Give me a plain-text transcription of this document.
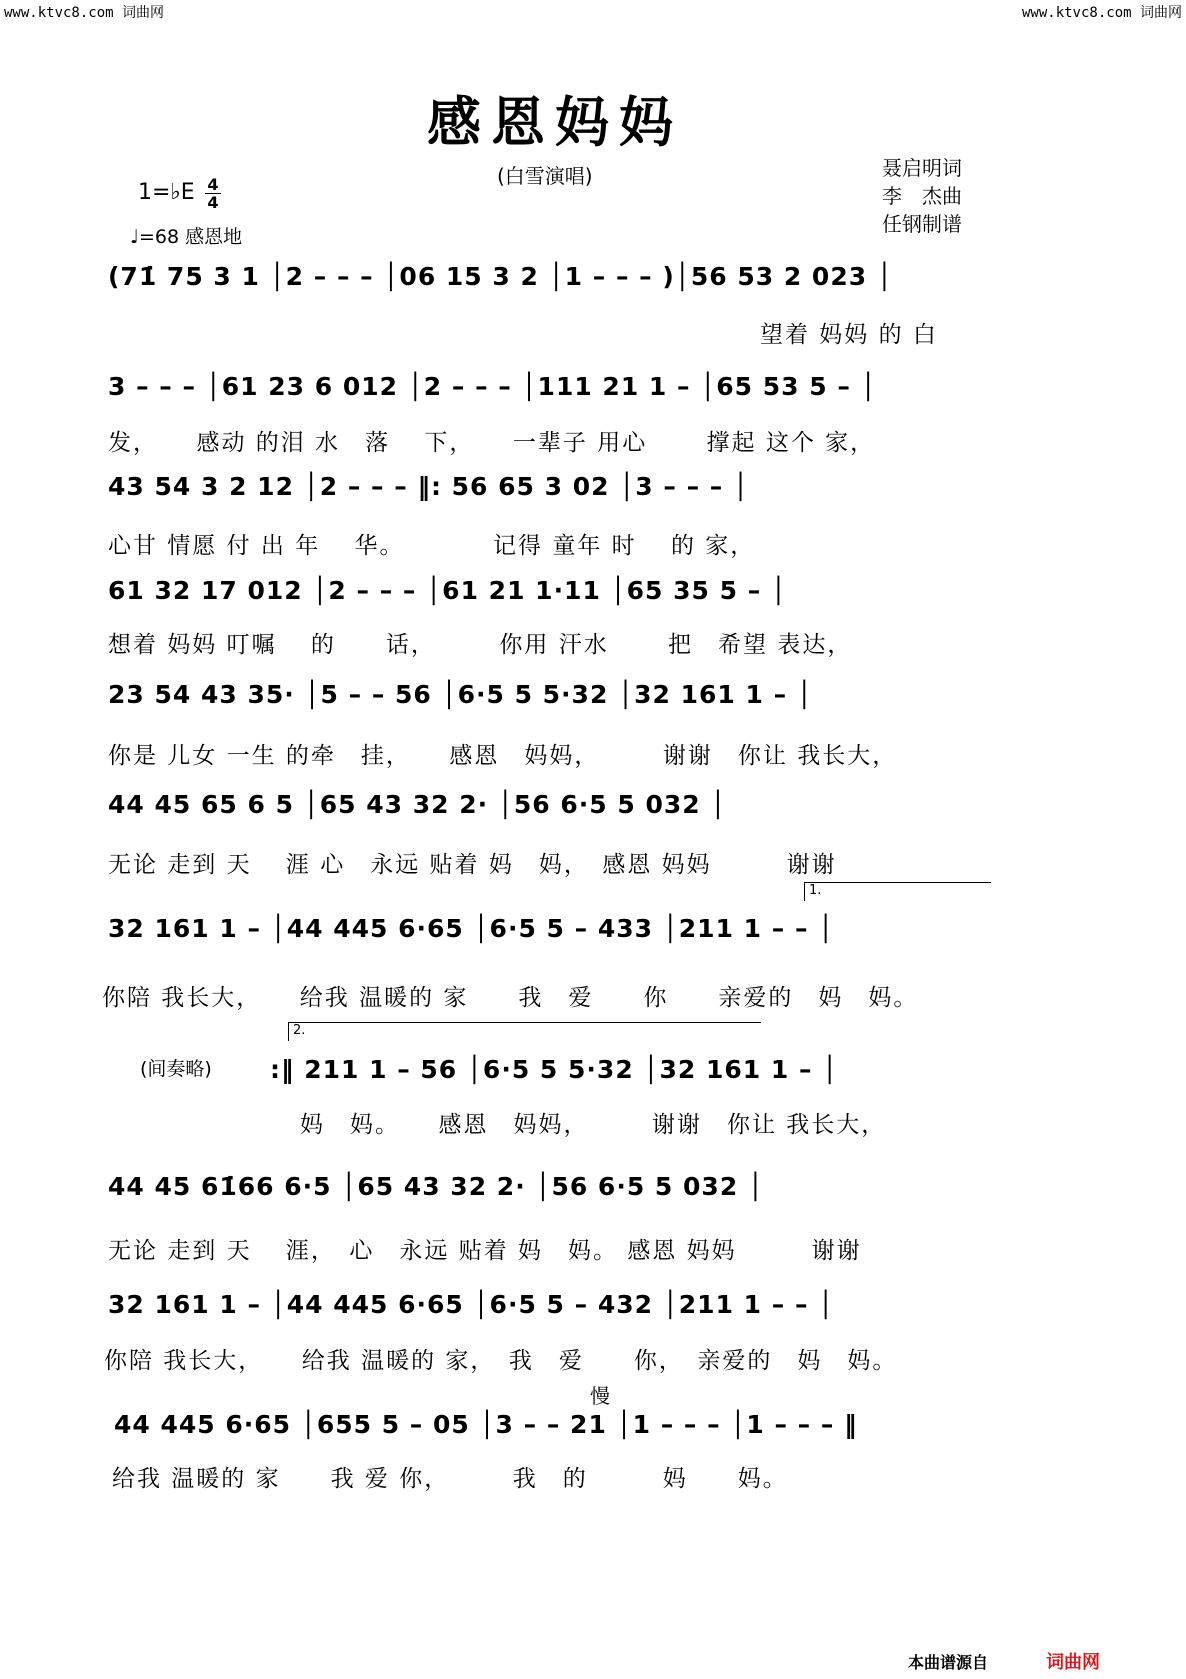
www.ktvc8.com 词曲网	www.ktvc8.com 词曲网
感恩妈妈
(白雪演唱)	聂启明词
李　杰曲
任钢制谱
1=♭E 4
4
♩=68 感恩地
(71̇ 75 3 1 │2 – – – │06 15 3 2 │1 – – – )│56 53 2 023 │
望着 妈妈 的 白
3 – – – │61 23 6 012 │2 – – – │111 21 1 – │65 53 5 – │
发，　　感动 的泪 水　落　 下，　　一辈子 用心　　 撑起 这个 家，
43 54 3 2 12 │2 – – – ‖: 56 65 3 02 │3 – – – │
心甘 情愿 付 出 年　 华。　　　　记得 童年 时　 的 家，
61 32 17 012 │2 – – – │61 21 1·11 │65 35 5 – │
想着 妈妈 叮嘱　 的　　话，　　　你用 汗水　　 把　希望 表达，
23 54 43 35· │5 – – 56 │6·5 5 5·32 │32 161 1 – │
你是 儿女 一生 的牵　挂，　　感恩　妈妈，　　　谢谢　你让 我长大，
44 45 65 6 5 │65 43 32 2· │56 6·5 5 032 │
无论 走到 天　 涯 心　永远 贴着 妈　妈，　感恩 妈妈　　　谢谢
1.
32 161 1 – │44 445 6·65 │6·5 5 – 433 │211 1 – – │
你陪 我长大，　　给我 温暖的 家　　我　爱　　你　　亲爱的　妈　妈。
(间奏略)
2.
:‖ 211 1 – 56 │6·5 5 5·32 │32 161 1 – │
妈　妈。　　感恩　妈妈，　　　谢谢　你让 我长大，
44 45 61̇66 6·5 │65 43 32 2· │56 6·5 5 032 │
无论 走到 天　 涯，　心　永远 贴着 妈　妈。 感恩 妈妈　　　谢谢
32 161 1 – │44 445 6·65 │6·5 5 – 432 │211 1 – – │
你陪 我长大，　　给我 温暖的 家，　我　爱　　你，　亲爱的　妈　妈。
慢
44 445 6·65 │655 5 – 05 │3 – – 21 │1 – – – │1 – – – ‖
给我 温暖的 家　　我 爱 你，　　　我　的　　　妈　　妈。
本曲谱源自	词曲网
